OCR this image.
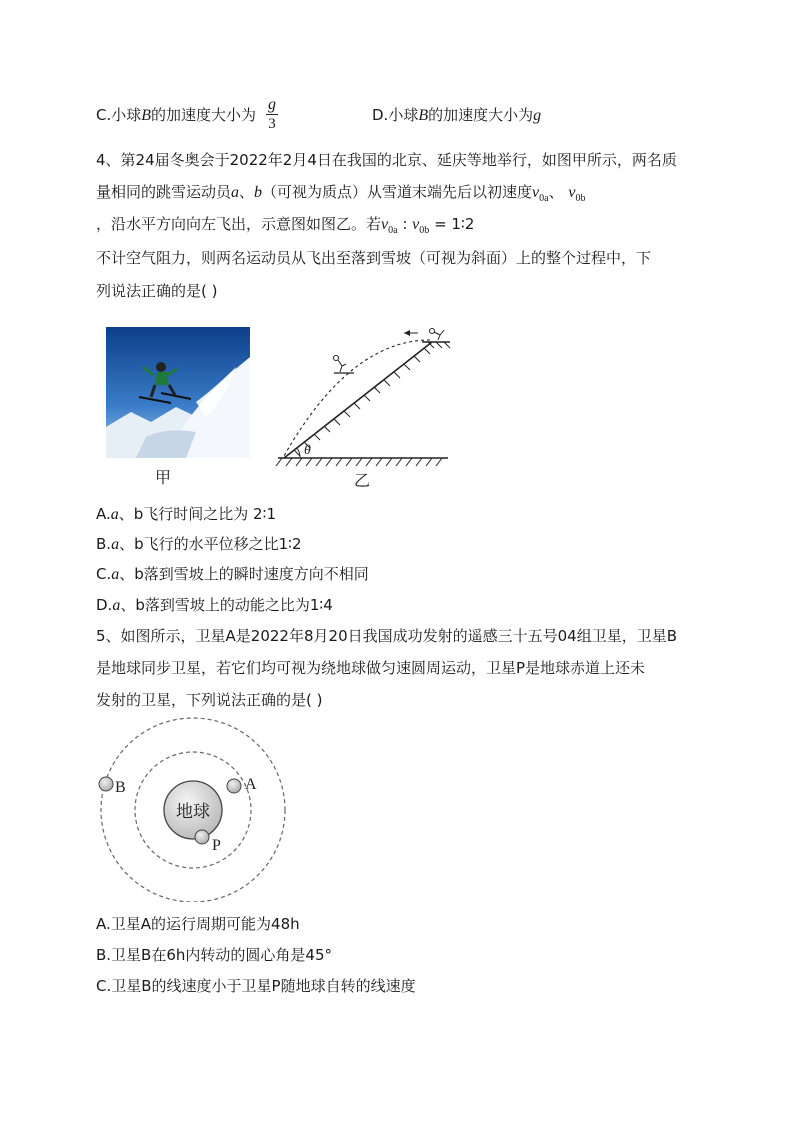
C.小球B的加速度大小为 $\frac{g}{3}$	D.小球B的加速度大小为g
4、第24届冬奥会于2022年2月4日在我国的北京、延庆等地举行，如图甲所示，两名质
量相同的跳雪运动员a、b（可视为质点）从雪道末端先后以初速度$v_{0a}$、 $v_{0b}$
，沿水平方向向左飞出，示意图如图乙。若$v_{0a}$ : $v_{0b}$ = 1∶2
不计空气阻力，则两名运动员从飞出至落到雪坡（可视为斜面）上的整个过程中，下
列说法正确的是( )
甲
θ
乙
A.a、b飞行时间之比为 2∶1
B.a、b飞行的水平位移之比1∶2
C.a、b落到雪坡上的瞬时速度方向不相同
D.a、b落到雪坡上的动能之比为1∶4
5、如图所示，卫星A是2022年8月20日我国成功发射的遥感三十五号04组卫星，卫星B
是地球同步卫星，若它们均可视为绕地球做匀速圆周运动，卫星P是地球赤道上还未
发射的卫星，下列说法正确的是( )
地球
B	A
P
A.卫星A的运行周期可能为48h
B.卫星B在6h内转动的圆心角是45°
C.卫星B的线速度小于卫星P随地球自转的线速度
